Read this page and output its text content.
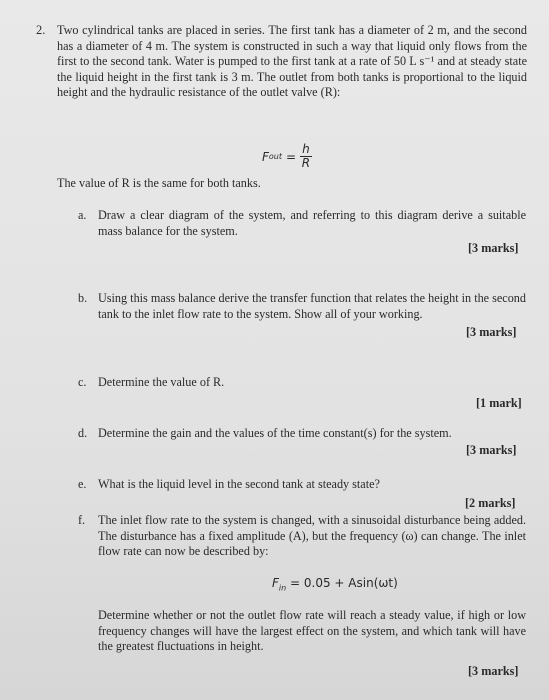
2. Two cylindrical tanks are placed in series. The first tank has a diameter of 2 m, and the second has a diameter of 4 m. The system is constructed in such a way that liquid only flows from the first to the second tank. Water is pumped to the first tank at a rate of 50 L s⁻¹ and at steady state the liquid height in the first tank is 3 m. The outlet from both tanks is proportional to the liquid height and the hydraulic resistance of the outlet valve (R):
F out = $\frac{h}{R}$
The value of R is the same for both tanks.
a. Draw a clear diagram of the system, and referring to this diagram derive a suitable mass balance for the system.
[3 marks]
b. Using this mass balance derive the transfer function that relates the height in the second tank to the inlet flow rate to the system. Show all of your working.
[3 marks]
c. Determine the value of R.
[1 mark]
d. Determine the gain and the values of the time constant(s) for the system.
[3 marks]
e. What is the liquid level in the second tank at steady state?
[2 marks]
f. The inlet flow rate to the system is changed, with a sinusoidal disturbance being added. The disturbance has a fixed amplitude (A), but the frequency (ω) can change. The inlet flow rate can now be described by:
$F_{in} = 0.05 + Asin(\omega t)$
Determine whether or not the outlet flow rate will reach a steady value, if high or low frequency changes will have the largest effect on the system, and which tank will have the greatest fluctuations in height.
[3 marks]
